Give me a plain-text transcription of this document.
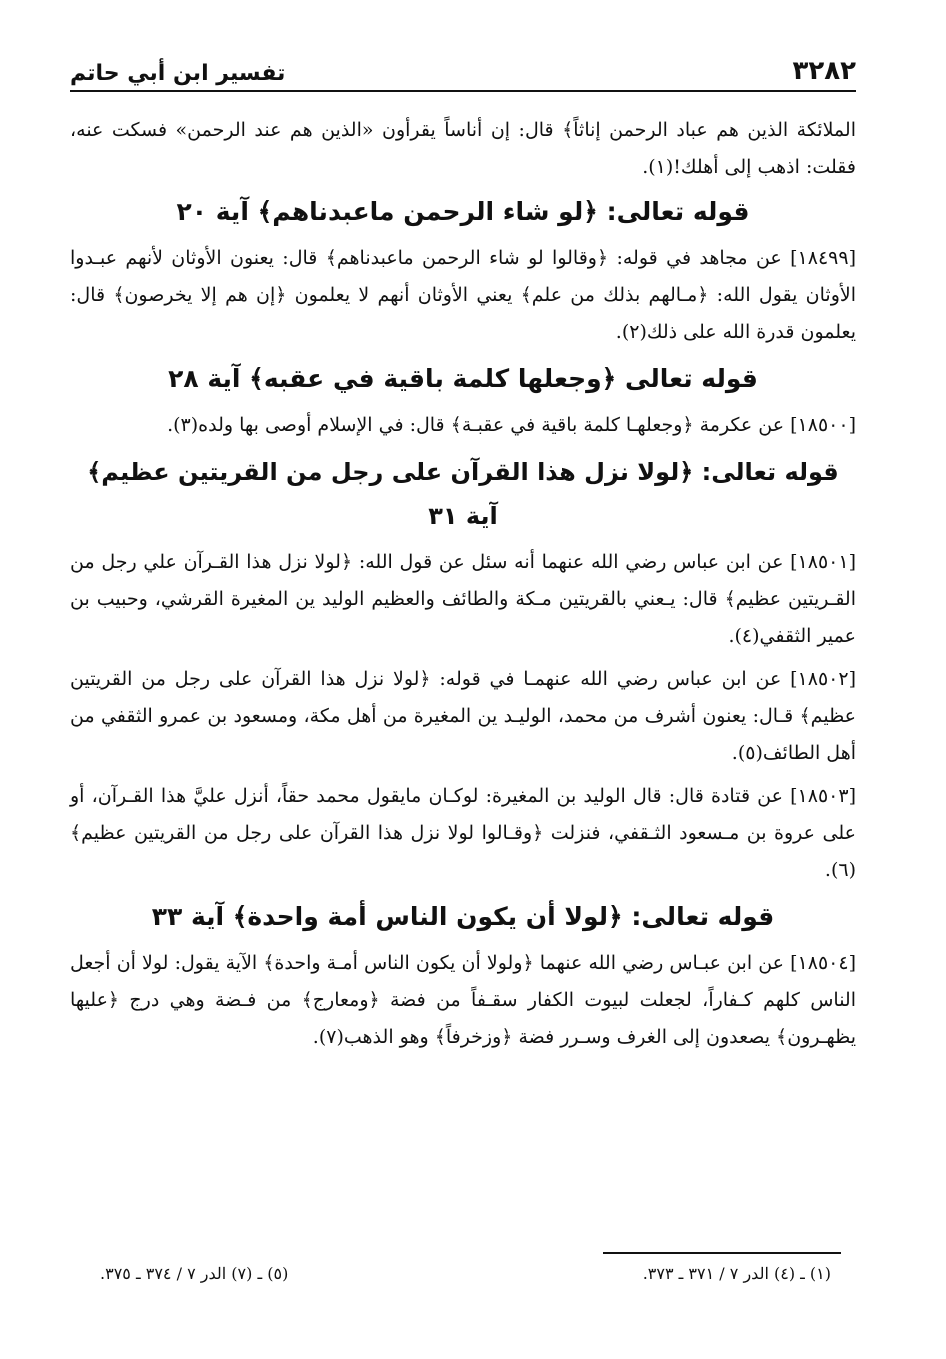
٣٢٨٢
تفسير ابن أبي حاتم

الملائكة الذين هم عباد الرحمن إناثاً﴾ قال: إن أناساً يقرأون «الذين هم عند الرحمن» فسكت عنه، فقلت: اذهب إلى أهلك!(١).

قوله تعالى: ﴿لو شاء الرحمن ماعبدناهم﴾ آية ٢٠

[١٨٤٩٩] عن مجاهد في قوله: ﴿وقالوا لو شاء الرحمن ماعبدناهم﴾ قال: يعنون الأوثان لأنهم عبـدوا الأوثان يقول الله: ﴿مـالهم بذلك من علم﴾ يعني الأوثان أنهم لا يعلمون ﴿إن هم إلا يخرصون﴾ قال: يعلمون قدرة الله على ذلك(٢).

قوله تعالى ﴿وجعلها كلمة باقية في عقبه﴾ آية ٢٨

[١٨٥٠٠] عن عكرمة ﴿وجعلهـا كلمة باقية في عقبـة﴾ قال: في الإسلام أوصى بها ولده(٣).

قوله تعالى: ﴿لولا نزل هذا القرآن على رجل من القريتين عظيم﴾ آية ٣١

[١٨٥٠١] عن ابن عباس رضي الله عنهما أنه سئل عن قول الله: ﴿لولا نزل هذا القـرآن علي رجل من القـريتين عظيم﴾ قال: يـعني بالقريتين مـكة والطائف والعظيم الوليد ين المغيرة القرشي، وحبيب بن عمير الثقفي(٤).

[١٨٥٠٢] عن ابن عباس رضي الله عنهمـا في قوله: ﴿لولا نزل هذا القرآن على رجل من القريتين عظيم﴾ قـال: يعنون أشرف من محمد، الوليـد ين المغيرة من أهل مكة، ومسعود بن عمرو الثقفي من أهل الطائف(٥).

[١٨٥٠٣] عن قتادة قال: قال الوليد بن المغيرة: لوكـان مايقول محمد حقاً، أنزل عليَّ هذا القـرآن، أو على عروة بن مـسعود الثـقفي، فنزلت ﴿وقـالوا لولا نزل هذا القرآن على رجل من القريتين عظيم﴾(٦).

قوله تعالى: ﴿لولا أن يكون الناس أمة واحدة﴾ آية ٣٣

[١٨٥٠٤] عن ابن عبـاس رضي الله عنهما ﴿ولولا أن يكون الناس أمـة واحدة﴾ الآية يقول: لولا أن أجعل الناس كلهم كـفاراً، لجعلت لبيوت الكفار سقـفاً من فضة ﴿ومعارج﴾ من فـضة وهي درج ﴿عليها يظهـرون﴾ يصعدون إلى الغرف وسـرر فضة ﴿وزخرفاً﴾ وهو الذهب(٧).

(١) ـ (٤) الدر ٧ / ٣٧١ ـ ٣٧٣.
(٥) ـ (٧) الدر ٧ / ٣٧٤ ـ ٣٧٥.
